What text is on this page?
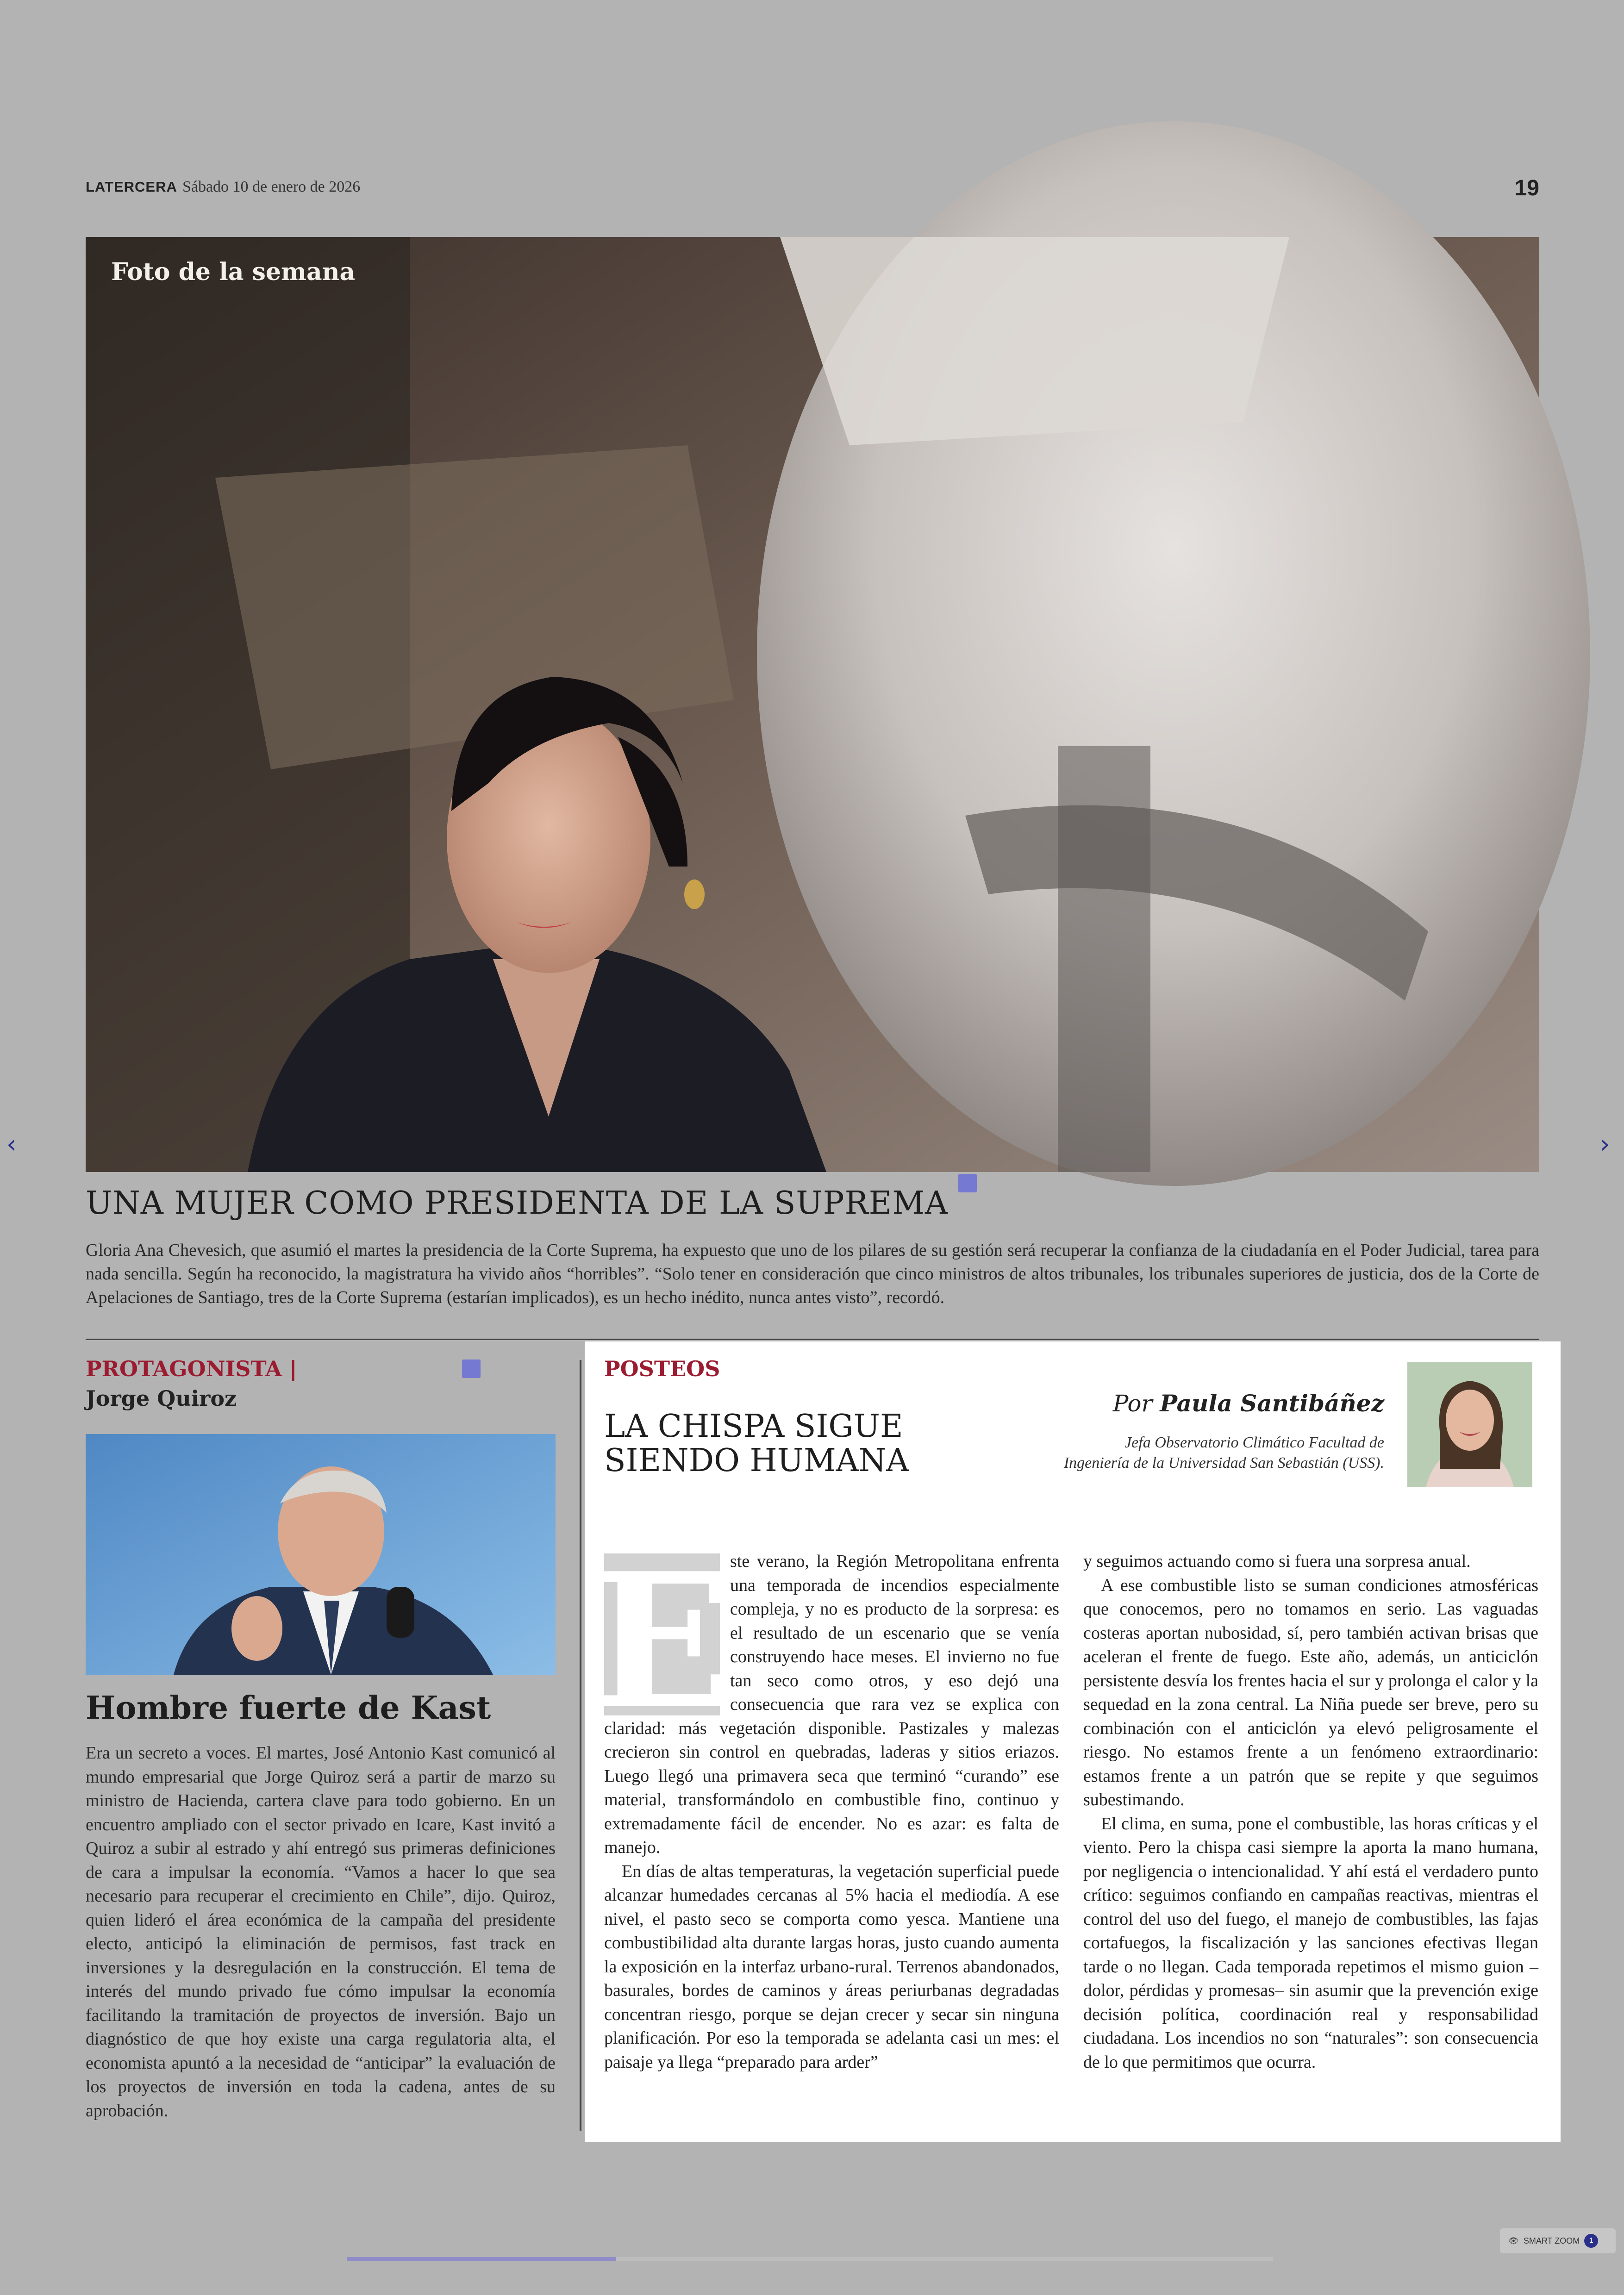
LATERCERA Sábado 10 de enero de 2026	19
Foto de la semana
‹	›
UNA MUJER COMO PRESIDENTA DE LA SUPREMA
Gloria Ana Chevesich, que asumió el martes la presidencia de la Corte Suprema, ha expuesto que uno de los pilares de su gestión será recuperar la confianza de la ciudadanía en el Poder Judicial, tarea para nada sencilla. Según ha reconocido, la magistratura ha vivido años “horribles”. “Solo tener en consideración que cinco ministros de altos tribunales, los tribunales superiores de justicia, dos de la Corte de Apelaciones de Santiago, tres de la Corte Suprema (estarían implicados), es un hecho inédito, nunca antes visto”, recordó.
PROTAGONISTA |
Jorge Quiroz
Hombre fuerte de Kast

Era un secreto a voces. El martes, José Antonio Kast comunicó al mundo empresarial que Jorge Quiroz será a partir de marzo su ministro de Hacienda, cartera clave para todo gobierno. En un encuentro ampliado con el sector privado en Icare, Kast invitó a Quiroz a subir al estrado y ahí entregó sus primeras definiciones de cara a impulsar la economía. “Vamos a hacer lo que sea necesario para recuperar el crecimiento en Chile”, dijo. Quiroz, quien lideró el área económica de la campaña del presidente electo, anticipó la eliminación de permisos, fast track en inversiones y la desregulación en la construcción. El tema de interés del mundo privado fue cómo impulsar la economía facilitando la tramitación de proyectos de inversión. Bajo un diagnóstico de que hoy existe una carga regulatoria alta, el economista apuntó a la necesidad de “anticipar” la evaluación de los proyectos de inversión en toda la cadena, antes de su aprobación.

POSTEOS
LA CHISPA SIGUE
SIENDO HUMANA
Por Paula Santibáñez
Jefa Observatorio Climático Facultad de Ingeniería de la Universidad San Sebastián (USS).
E

ste verano, la Región Metropolitana enfrenta una temporada de incendios especialmente compleja, y no es producto de la sorpresa: es el resultado de un escenario que se venía construyendo hace meses. El invierno no fue tan seco como otros, y eso dejó una consecuencia que rara vez se explica con claridad: más vegetación disponible. Pastizales y malezas crecieron sin control en quebradas, laderas y sitios eriazos. Luego llegó una primavera seca que terminó “curando” ese material, transformándolo en combustible fino, continuo y extremadamente fácil de encender. No es azar: es falta de manejo.

En días de altas temperaturas, la vegetación superficial puede alcanzar humedades cercanas al 5% hacia el mediodía. A ese nivel, el pasto seco se comporta como yesca. Mantiene una combustibilidad alta durante largas horas, justo cuando aumenta la exposición en la interfaz urbano-rural. Terrenos abandonados, basurales, bordes de caminos y áreas periurbanas degradadas concentran riesgo, porque se dejan crecer y secar sin ninguna planificación. Por eso la temporada se adelanta casi un mes: el paisaje ya llega “preparado para arder”

y seguimos actuando como si fuera una sorpresa anual.

A ese combustible listo se suman condiciones atmosféricas que conocemos, pero no tomamos en serio. Las vaguadas costeras aportan nubosidad, sí, pero también activan brisas que aceleran el frente de fuego. Este año, además, un anticiclón persistente desvía los frentes hacia el sur y prolonga el calor y la sequedad en la zona central. La Niña puede ser breve, pero su combinación con el anticiclón ya elevó peligrosamente el riesgo. No estamos frente a un fenómeno extraordinario: estamos frente a un patrón que se repite y que seguimos subestimando.

El clima, en suma, pone el combustible, las horas críticas y el viento. Pero la chispa casi siempre la aporta la mano humana, por negligencia o intencionalidad. Y ahí está el verdadero punto crítico: seguimos confiando en campañas reactivas, mientras el control del uso del fuego, el manejo de combustibles, las fajas cortafuegos, la fiscalización y las sanciones efectivas llegan tarde o no llegan. Cada temporada repetimos el mismo guion –dolor, pérdidas y promesas– sin asumir que la prevención exige decisión política, coordinación real y responsabilidad ciudadana. Los incendios no son “naturales”: son consecuencia de lo que permitimos que ocurra.

👁 SMART ZOOM	1
